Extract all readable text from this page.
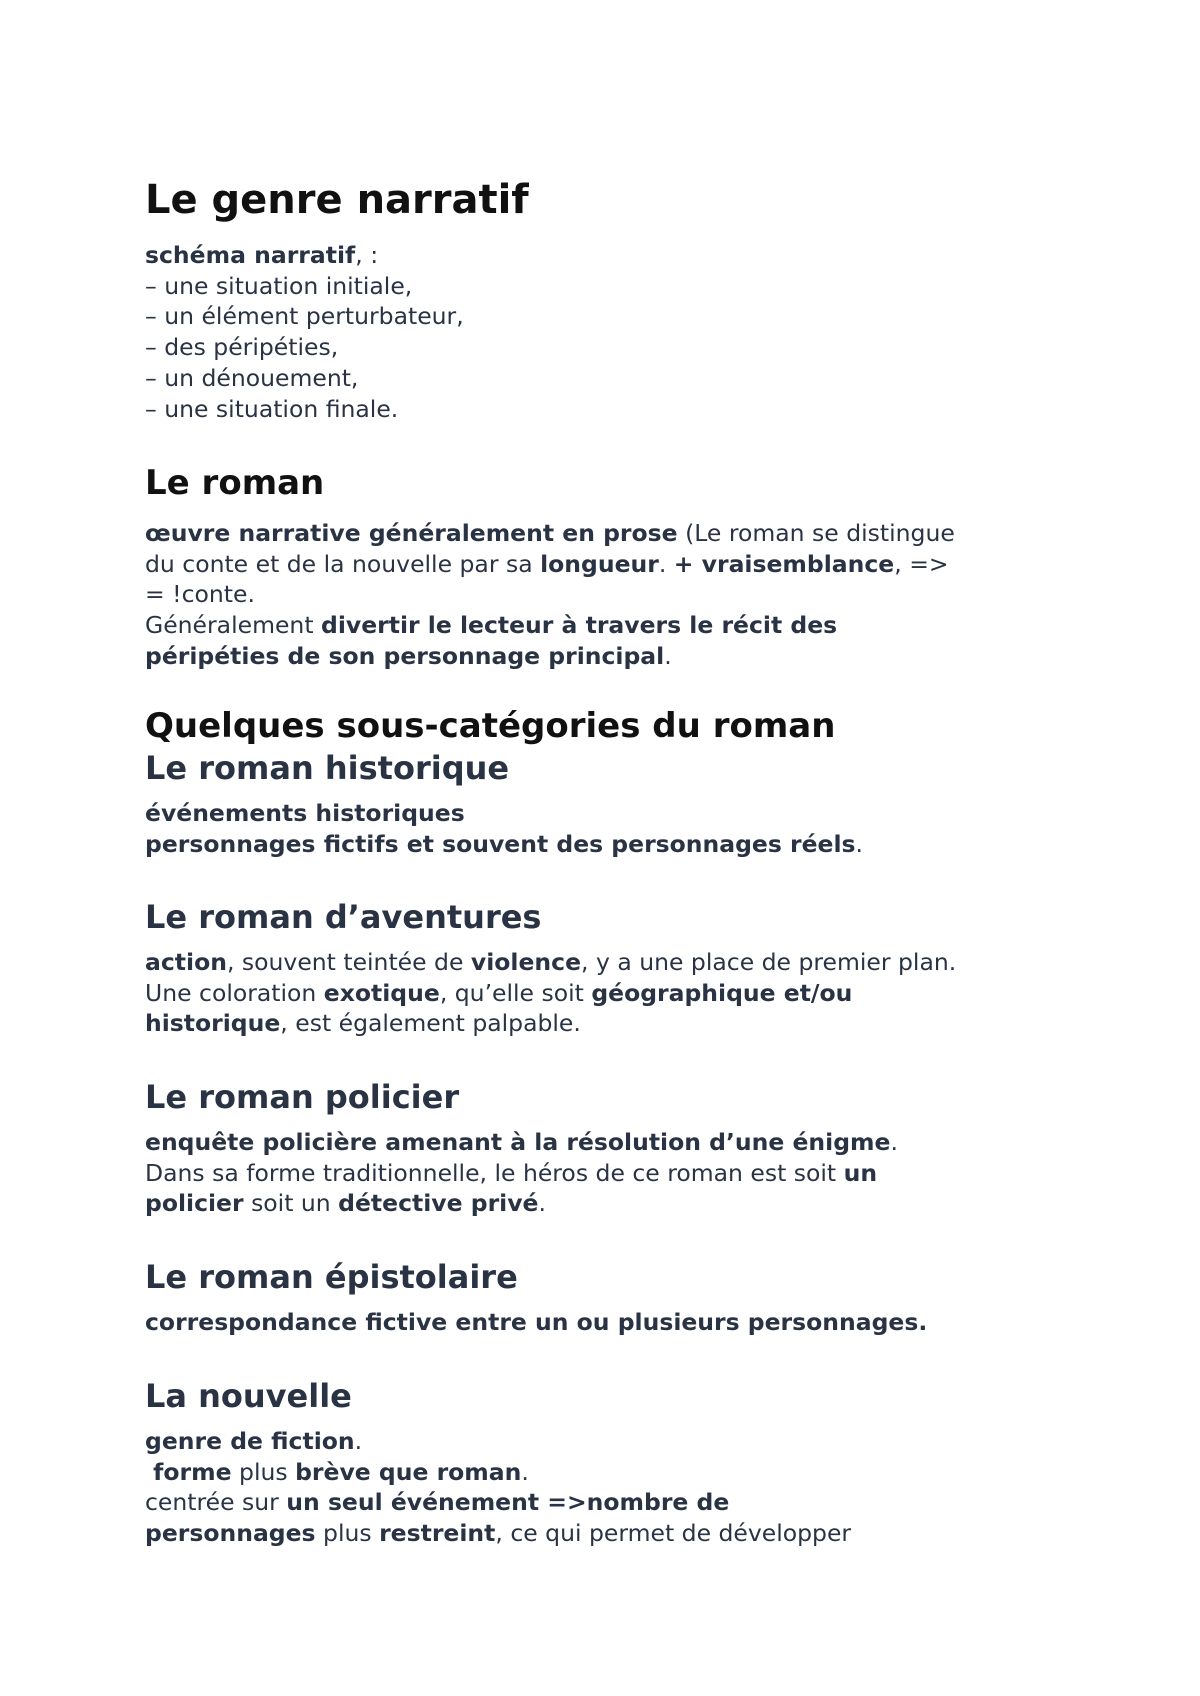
Le genre narratif
schéma narratif, :
– une situation initiale,
– un élément perturbateur,
– des péripéties,
– un dénouement,
– une situation finale.
Le roman
œuvre narrative généralement en prose (Le roman se distingue
du conte et de la nouvelle par sa longueur. + vraisemblance, =>
= !conte.
Généralement divertir le lecteur à travers le récit des
péripéties de son personnage principal.
Quelques sous-catégories du roman
Le roman historique
événements historiques
personnages fictifs et souvent des personnages réels.
Le roman d’aventures
action, souvent teintée de violence, y a une place de premier plan.
Une coloration exotique, qu’elle soit géographique et/ou
historique, est également palpable.
Le roman policier
enquête policière amenant à la résolution d’une énigme.
Dans sa forme traditionnelle, le héros de ce roman est soit un
policier soit un détective privé.
Le roman épistolaire
correspondance fictive entre un ou plusieurs personnages.
La nouvelle
genre de fiction.
forme plus brève que roman.
centrée sur un seul événement =>nombre de
personnages plus restreint, ce qui permet de développer
